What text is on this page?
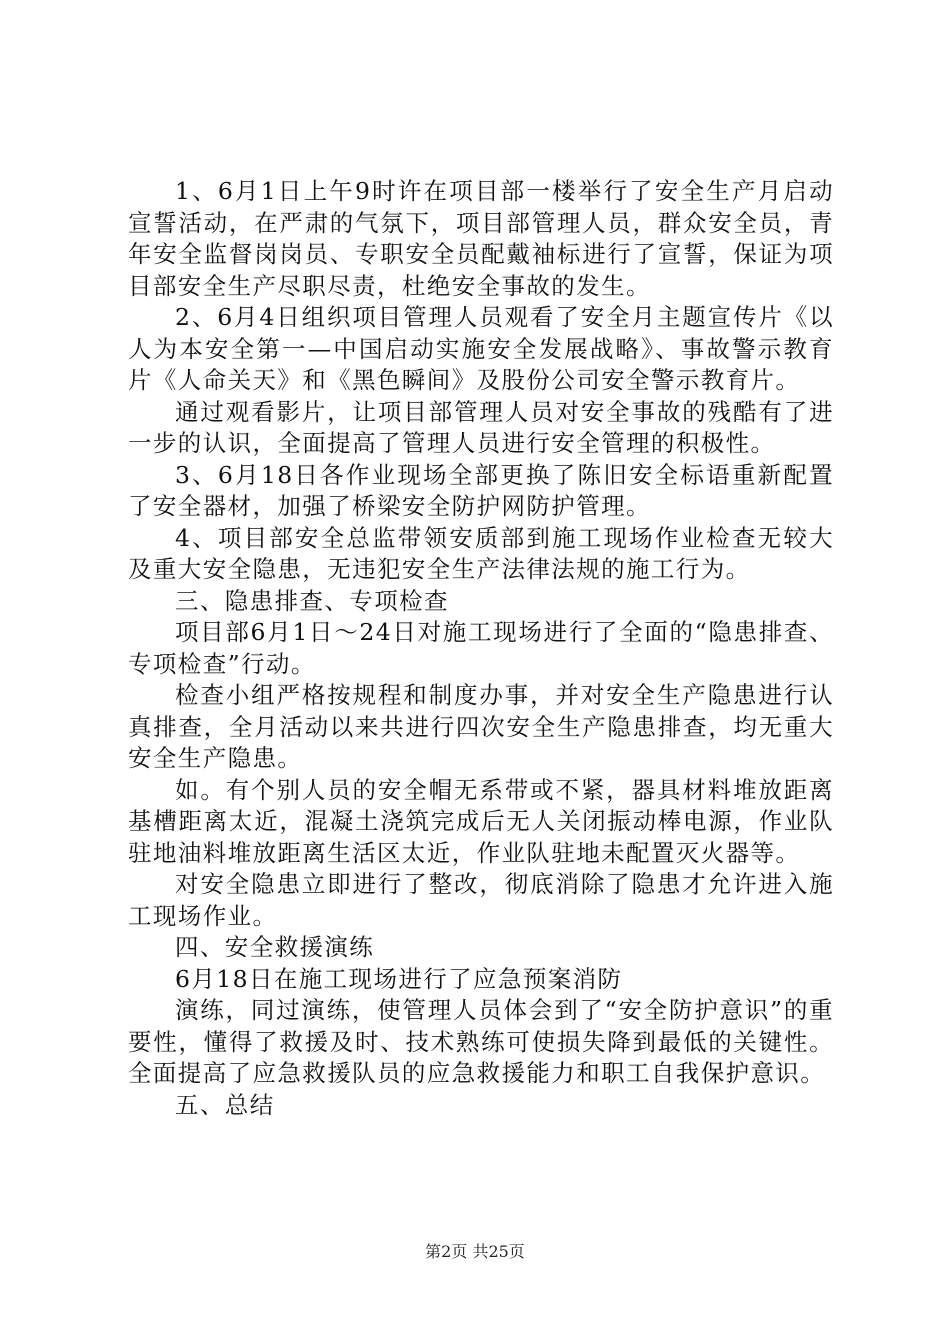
1、6月1日上午9时许在项目部一楼举行了安全生产月启动宣誓活动，在严肃的气氛下，项目部管理人员，群众安全员，青年安全监督岗岗员、专职安全员配戴袖标进行了宣誓，保证为项目部安全生产尽职尽责，杜绝安全事故的发生。

2、6月4日组织项目管理人员观看了安全月主题宣传片《以人为本安全第一—中国启动实施安全发展战略》、事故警示教育片《人命关天》和《黑色瞬间》及股份公司安全警示教育片。

通过观看影片，让项目部管理人员对安全事故的残酷有了进一步的认识，全面提高了管理人员进行安全管理的积极性。

3、6月18日各作业现场全部更换了陈旧安全标语重新配置了安全器材，加强了桥梁安全防护网防护管理。

4、项目部安全总监带领安质部到施工现场作业检查无较大及重大安全隐患，无违犯安全生产法律法规的施工行为。

三、隐患排查、专项检查

项目部6月1日～24日对施工现场进行了全面的“隐患排查、专项检查”行动。

检查小组严格按规程和制度办事，并对安全生产隐患进行认真排查，全月活动以来共进行四次安全生产隐患排查，均无重大安全生产隐患。

如。有个别人员的安全帽无系带或不紧，器具材料堆放距离基槽距离太近，混凝土浇筑完成后无人关闭振动棒电源，作业队驻地油料堆放距离生活区太近，作业队驻地未配置灭火器等。

对安全隐患立即进行了整改，彻底消除了隐患才允许进入施工现场作业。

四、安全救援演练

6月18日在施工现场进行了应急预案消防

演练，同过演练，使管理人员体会到了“安全防护意识”的重要性，懂得了救援及时、技术熟练可使损失降到最低的关键性。全面提高了应急救援队员的应急救援能力和职工自我保护意识。

五、总结

第2页 共25页
